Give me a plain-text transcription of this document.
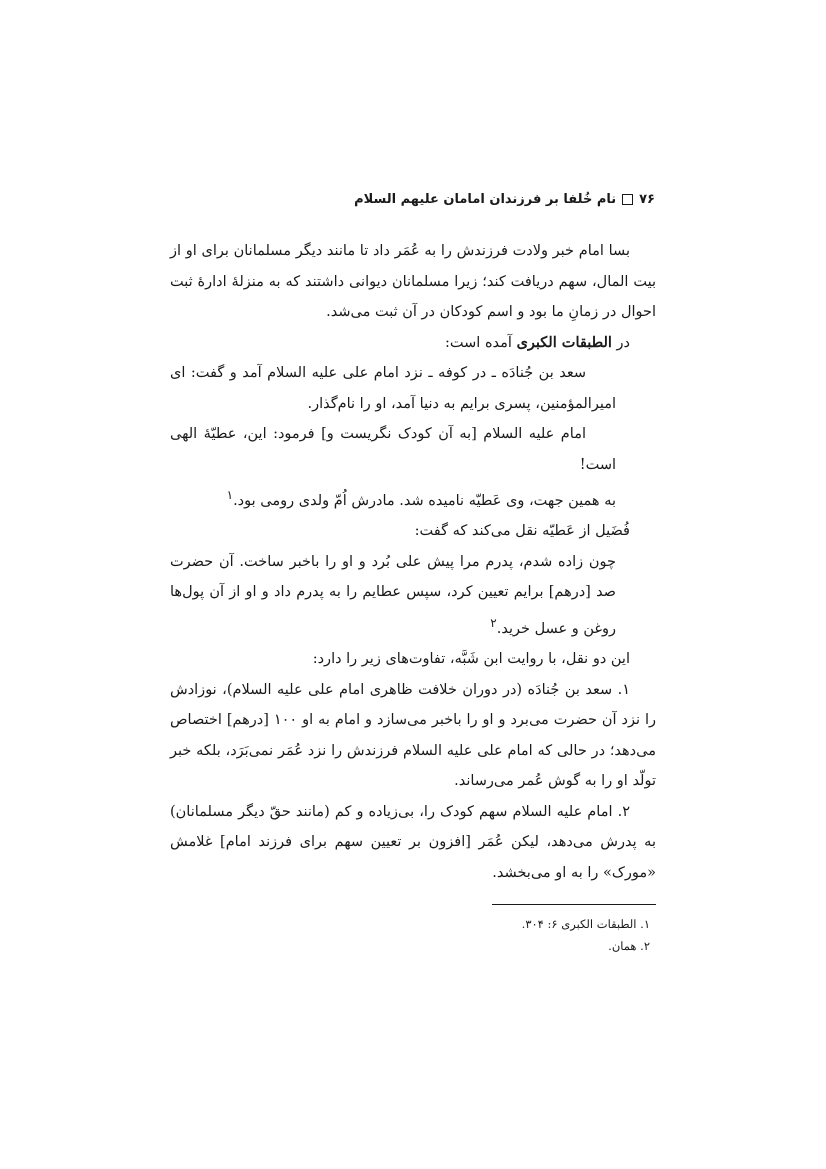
۷۶
نام خُلفا بر فرزندان امامان علیهم السلام

بسا امام خبر ولادت فرزندش را به عُمَر داد تا مانند دیگر مسلمانان برای او از بیت المال، سهم دریافت کند؛ زیرا مسلمانان دیوانی داشتند که به منزلهٔ ادارهٔ ثبت احوال در زمانِ ما بود و اسم کودکان در آن ثبت می‌شد.

در الطبقات الکبری آمده است:

سعد بن جُنادَه ـ در کوفه ـ نزد امام علی علیه السلام آمد و گفت: ای امیرالمؤمنین، پسری برایم به دنیا آمد، او را نام‌گذار.

امام علیه السلام [به آن کودک نگریست و] فرمود: این، عطیّهٔ الهی است!

به همین جهت، وی عَطیّه نامیده شد. مادرش اُمّ ولدی رومی بود.$^۱$

فُضَیل از عَطیّه نقل می‌کند که گفت:

چون زاده شدم، پدرم مرا پیش علی بُرد و او را باخبر ساخت. آن حضرت صد [درهم] برایم تعیین کرد، سپس عطایم را به پدرم داد و او از آن پول‌ها روغن و عسل خرید.$^۲$

این دو نقل، با روایت ابن شَبَّه، تفاوت‌های زیر را دارد:

۱. سعد بن جُنادَه (در دوران خلافت ظاهری امام علی علیه السلام)، نوزادش را نزد آن حضرت می‌برد و او را باخبر می‌سازد و امام به او ۱۰۰ [درهم] اختصاص می‌دهد؛ در حالی که امام علی علیه السلام فرزندش را نزد عُمَر نمی‌بَرَد، بلکه خبر تولّد او را به گوش عُمر می‌رساند.

۲. امام علیه السلام سهم کودک را، بی‌زیاده و کم (مانند حقّ دیگر مسلمانان) به پدرش می‌دهد، لیکن عُمَر [افزون بر تعیین سهم برای فرزند امام] غلامش «مورک» را به او می‌بخشد.

۱. الطبقات الکبری ۶: ۳۰۴.
۲. همان.
